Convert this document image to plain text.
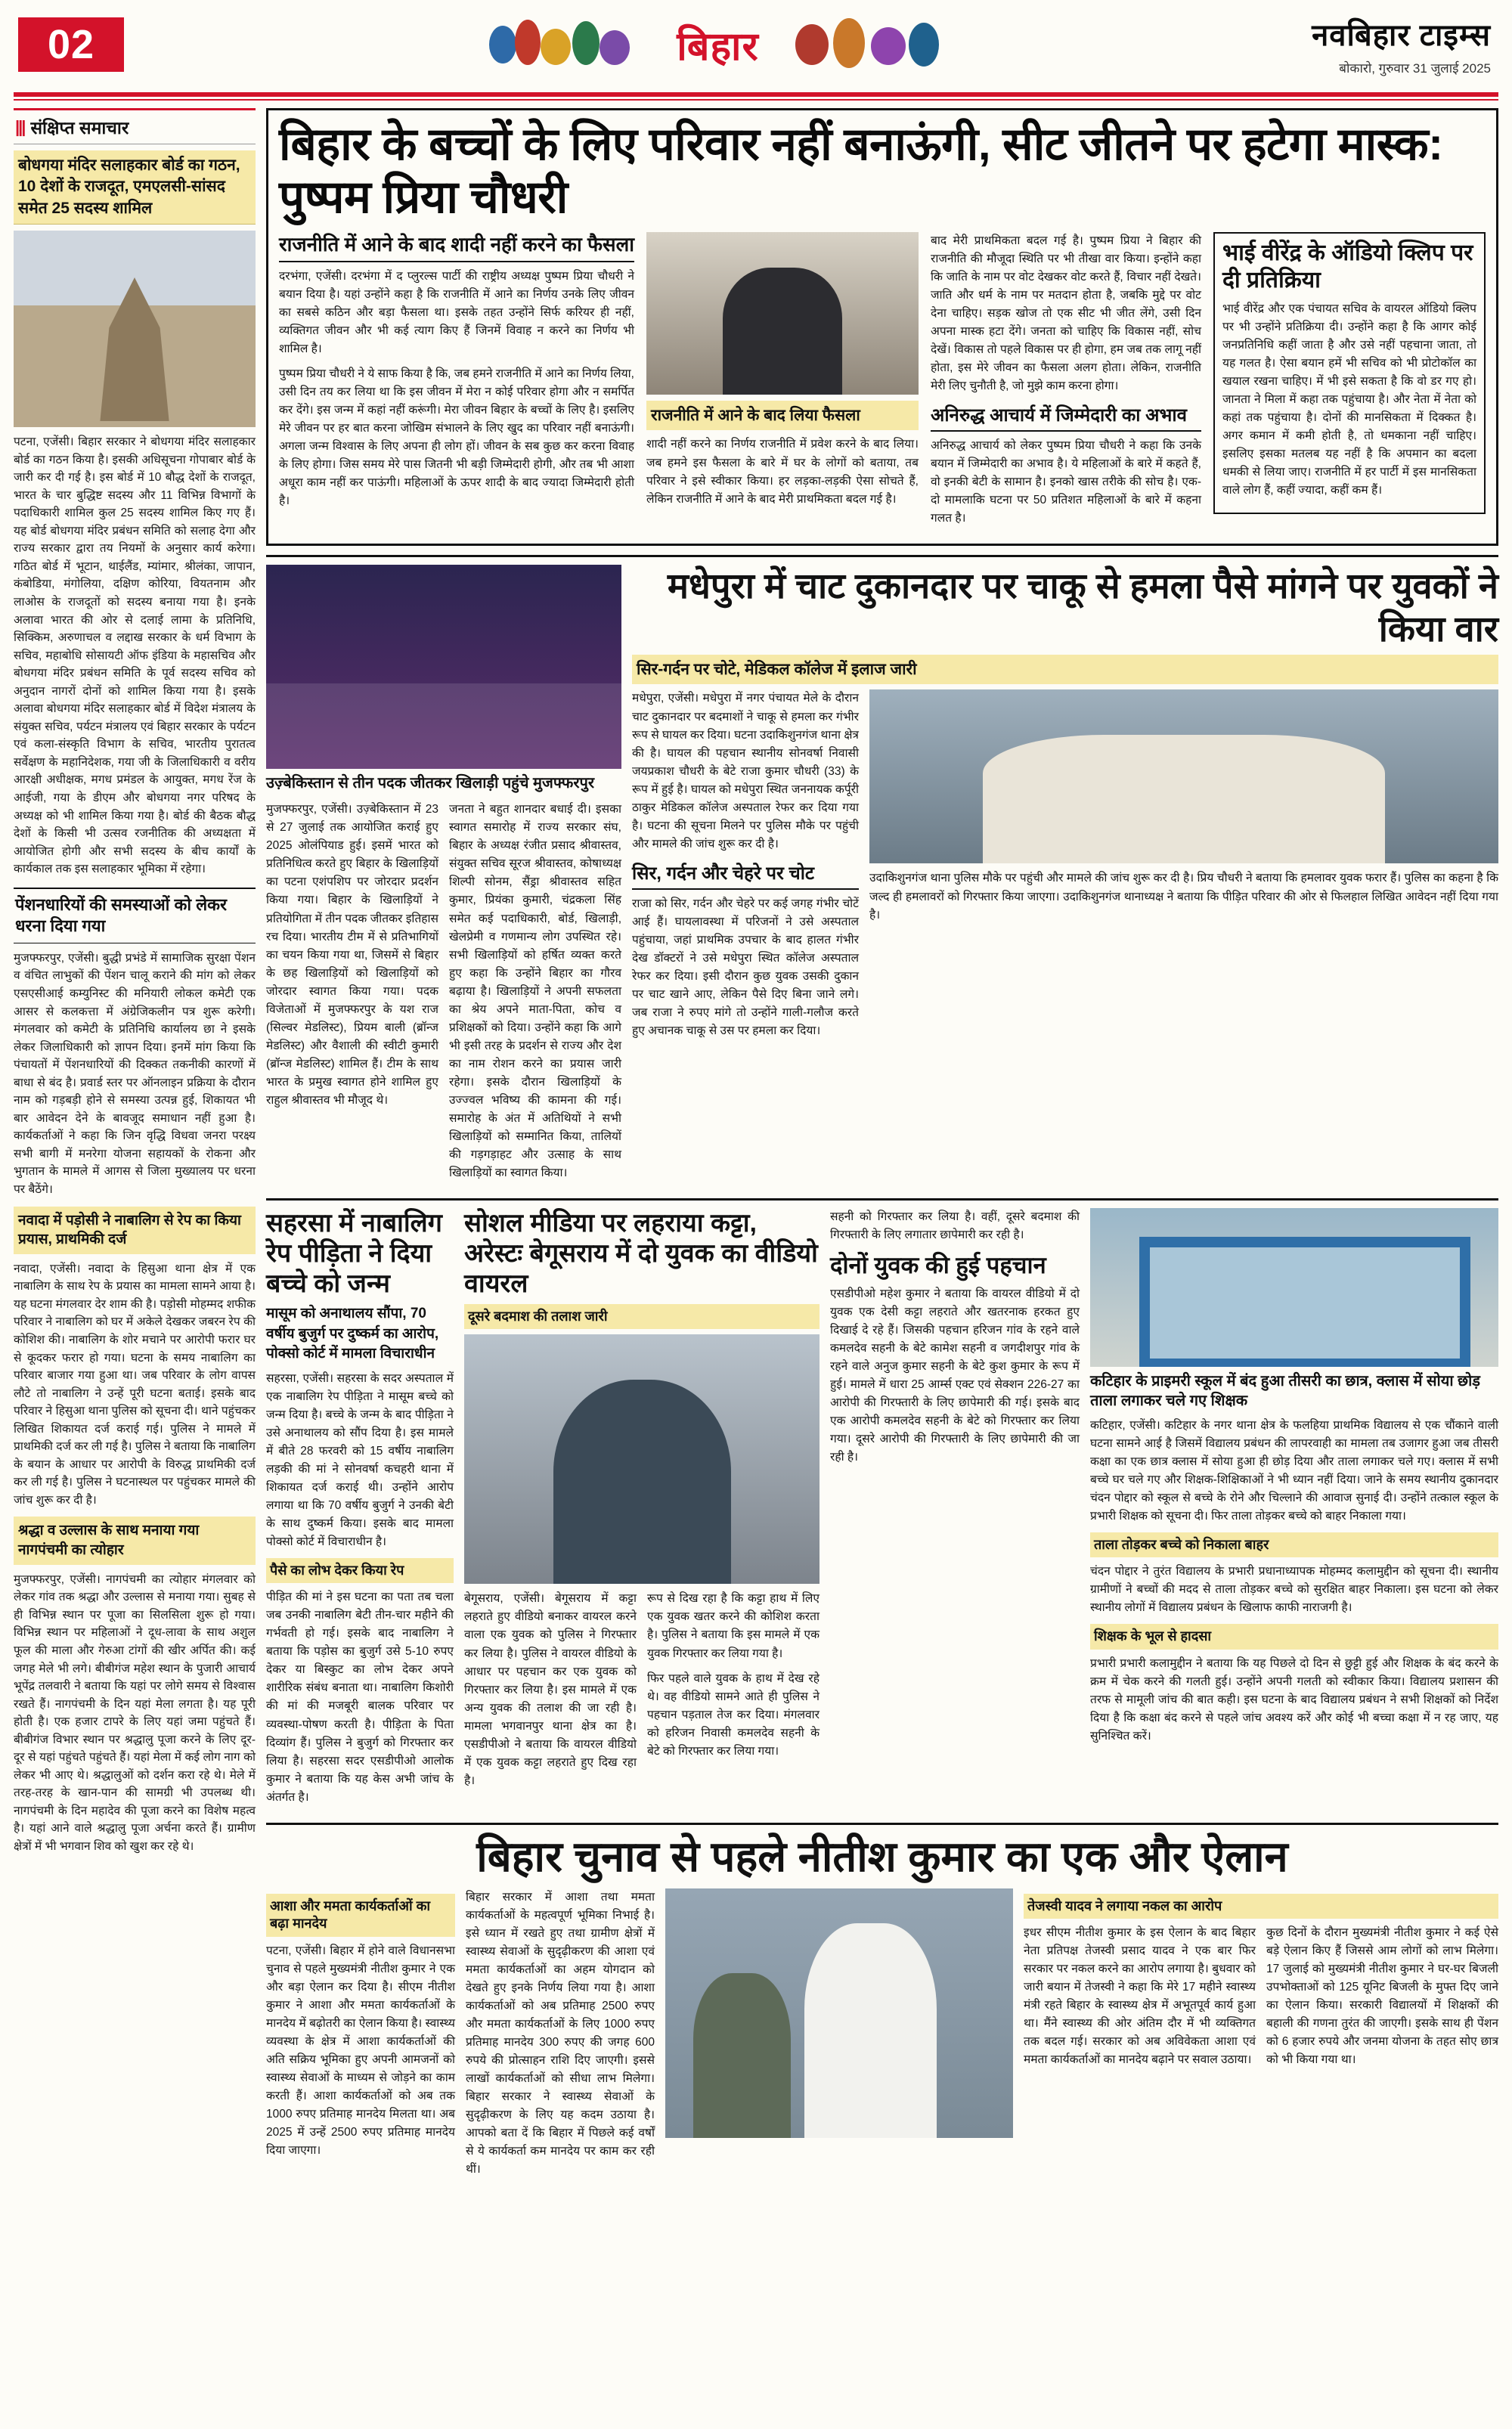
02	बिहार	नवबिहार टाइम्स
बोकारो, गुरुवार 31 जुलाई 2025
||| संक्षिप्त समाचार
बोधगया मंदिर सलाहकार बोर्ड का गठन, 10 देशों के राजदूत, एमएलसी-सांसद समेत 25 सदस्य शामिल

पटना, एजेंसी। बिहार सरकार ने बोधगया मंदिर सलाहकार बोर्ड का गठन किया है। इसकी अधिसूचना गोपाबार बोर्ड के जारी कर दी गई है। इस बोर्ड में 10 बौद्ध देशों के राजदूत, भारत के चार बुद्धिष्ट सदस्य और 11 विभिन्न विभागों के पदाधिकारी शामिल कुल 25 सदस्य शामिल किए गए हैं। यह बोर्ड बोधगया मंदिर प्रबंधन समिति को सलाह देगा और राज्य सरकार द्वारा तय नियमों के अनुसार कार्य करेगा। गठित बोर्ड में भूटान, थाईलैंड, म्यांमार, श्रीलंका, जापान, कंबोडिया, मंगोलिया, दक्षिण कोरिया, वियतनाम और लाओस के राजदूतों को सदस्य बनाया गया है। इनके अलावा भारत की ओर से दलाई लामा के प्रतिनिधि, सिक्किम, अरुणाचल व लद्दाख सरकार के धर्म विभाग के सचिव, महाबोधि सोसायटी ऑफ इंडिया के महासचिव और बोधगया मंदिर प्रबंधन समिति के पूर्व सदस्य सचिव को अनुदान नागरों दोनों को शामिल किया गया है। इसके अलावा बोधगया मंदिर सलाहकार बोर्ड में विदेश मंत्रालय के संयुक्त सचिव, पर्यटन मंत्रालय एवं बिहार सरकार के पर्यटन एवं कला-संस्कृति विभाग के सचिव, भारतीय पुरातत्व सर्वेक्षण के महानिदेशक, गया जी के जिलाधिकारी व वरीय आरक्षी अधीक्षक, मगध प्रमंडल के आयुक्त, मगध रेंज के आईजी, गया के डीएम और बोधगया नगर परिषद के अध्यक्ष को भी शामिल किया गया है। बोर्ड की बैठक बौद्ध देशों के किसी भी उत्सव रजनीतिक की अध्यक्षता में आयोजित होगी और सभी सदस्य के बीच कार्यों के कार्यकाल तक इस सलाहकार भूमिका में रहेगा।

पेंशनधारियों की समस्याओं को लेकर धरना दिया गया

मुजफ्फरपुर, एजेंसी। बुद्धी प्रभंडे में सामाजिक सुरक्षा पेंशन व वंचित लाभुकों की पेंशन चालू कराने की मांग को लेकर एसएसीआई कम्युनिस्ट की मनियारी लोकल कमेटी एक आसर से कलकत्ता में अंग्रेजिकलीन पत्र शुरू करेगी। मंगलवार को कमेटी के प्रतिनिधि कार्यालय छा ने इसके लेकर जिलाधिकारी को ज्ञापन दिया। इनमें मांग किया कि पंचायतों में पेंशनधारियों की दिक्कत तकनीकी कारणों में बाधा से बंद है। प्रवार्ड स्तर पर ऑनलाइन प्रक्रिया के दौरान नाम को गड़बड़ी होने से समस्या उत्पन्न हुई, शिकायत भी बार आवेदन देने के बावजूद समाधान नहीं हुआ है। कार्यकर्ताओं ने कहा कि जिन वृद्धि विधवा जनरा परक्ष्य सभी बागी में मनरेगा योजना सहायकों के रोकना और भुगतान के मामले में आगस से जिला मुख्यालय पर धरना पर बैठेंगे।

नवादा में पड़ोसी ने नाबालिग से रेप का किया प्रयास, प्राथमिकी दर्ज

नवादा, एजेंसी। नवादा के हिसुआ थाना क्षेत्र में एक नाबालिग के साथ रेप के प्रयास का मामला सामने आया है। यह घटना मंगलवार देर शाम की है। पड़ोसी मोहम्मद शफीक परिवार ने नाबालिग को घर में अकेले देखकर जबरन रेप की कोशिश की। नाबालिग के शोर मचाने पर आरोपी फरार घर से कूदकर फरार हो गया। घटना के समय नाबालिग का परिवार बाजार गया हुआ था। जब परिवार के लोग वापस लौटे तो नाबालिग ने उन्हें पूरी घटना बताई। इसके बाद परिवार ने हिसुआ थाना पुलिस को सूचना दी। थाने पहुंचकर लिखित शिकायत दर्ज कराई गई। पुलिस ने मामले में प्राथमिकी दर्ज कर ली गई है। पुलिस ने बताया कि नाबालिग के बयान के आधार पर आरोपी के विरुद्ध प्राथमिकी दर्ज कर ली गई है। पुलिस ने घटनास्थल पर पहुंचकर मामले की जांच शुरू कर दी है।

श्रद्धा व उल्लास के साथ मनाया गया नागपंचमी का त्योहार

मुजफ्फरपुर, एजेंसी। नागपंचमी का त्योहार मंगलवार को लेकर गांव तक श्रद्धा और उल्लास से मनाया गया। सुबह से ही विभिन्न स्थान पर पूजा का सिलसिला शुरू हो गया। विभिन्न स्थान पर महिलाओं ने दूध-लावा के साथ अशुल फूल की माला और गेरुआ टांगों की खीर अर्पित की। कई जगह मेले भी लगे। बीबीगंज महेश स्थान के पुजारी आचार्य भूपेंद्र तलवारी ने बताया कि यहां पर लोगे समय से विश्वास रखते हैं। नागपंचमी के दिन यहां मेला लगता है। यह पूरी होती है। एक हजार टापरे के लिए यहां जमा पहुंचते हैं। बीबीगंज विभार स्थान पर श्रद्धालु पूजा करने के लिए दूर-दूर से यहां पहुंचते पहुंचते हैं। यहां मेला में कई लोग नाग को लेकर भी आए थे। श्रद्धालुओं को दर्शन करा रहे थे। मेले में तरह-तरह के खान-पान की सामग्री भी उपलब्ध थी। नागपंचमी के दिन महादेव की पूजा करने का विशेष महत्व है। यहां आने वाले श्रद्धालु पूजा अर्चना करते हैं। ग्रामीण क्षेत्रों में भी भगवान शिव को खुश कर रहे थे।

बिहार के बच्चों के लिए परिवार नहीं बनाऊंगी, सीट जीतने पर हटेगा मास्क: पुष्पम प्रिया चौधरी
राजनीति में आने के बाद शादी नहीं करने का फैसला

दरभंगा, एजेंसी। दरभंगा में द प्लुरल्स पार्टी की राष्ट्रीय अध्यक्ष पुष्पम प्रिया चौधरी ने बयान दिया है। यहां उन्होंने कहा है कि राजनीति में आने का निर्णय उनके लिए जीवन का सबसे कठिन और बड़ा फैसला था। इसके तहत उन्होंने सिर्फ करियर ही नहीं, व्यक्तिगत जीवन और भी कई त्याग किए हैं जिनमें विवाह न करने का निर्णय भी शामिल है।

पुष्पम प्रिया चौधरी ने ये साफ किया है कि, जब हमने राजनीति में आने का निर्णय लिया, उसी दिन तय कर लिया था कि इस जीवन में मेरा न कोई परिवार होगा और न समर्पित कर देंगे। इस जन्म में कहां नहीं करूंगी। मेरा जीवन बिहार के बच्चों के लिए है। इसलिए मेरे जीवन पर हर बात करना जोखिम संभालने के लिए खुद का परिवार नहीं बनाऊंगी। अगला जन्म विश्वास के लिए अपना ही लोग हों। जीवन के सब कुछ कर करना विवाह के लिए होगा। जिस समय मेरे पास जितनी भी बड़ी जिम्मेदारी होगी, और तब भी आशा अधूरा काम नहीं कर पाऊंगी। महिलाओं के ऊपर शादी के बाद ज्यादा जिम्मेदारी होती है।

राजनीति में आने के बाद लिया फैसला

शादी नहीं करने का निर्णय राजनीति में प्रवेश करने के बाद लिया। जब हमने इस फैसला के बारे में घर के लोगों को बताया, तब परिवार ने इसे स्वीकार किया। हर लड़का-लड़की ऐसा सोचते हैं, लेकिन राजनीति में आने के बाद मेरी प्राथमिकता बदल गई है।

बाद मेरी प्राथमिकता बदल गई है। पुष्पम प्रिया ने बिहार की राजनीति की मौजूदा स्थिति पर भी तीखा वार किया। इन्होंने कहा कि जाति के नाम पर वोट देखकर वोट करते हैं, विचार नहीं देखते। जाति और धर्म के नाम पर मतदान होता है, जबकि मुद्दे पर वोट देना चाहिए। सड़क खोज तो एक सीट भी जीत लेंगे, उसी दिन अपना मास्क हटा देंगे। जनता को चाहिए कि विकास नहीं, सोच देखें। विकास तो पहले विकास पर ही होगा, हम जब तक लागू नहीं होता, इस मेरे जीवन का फैसला अलग होता। लेकिन, राजनीति मेरी लिए चुनौती है, जो मुझे काम करना होगा।

अनिरुद्ध आचार्य में जिम्मेदारी का अभाव

अनिरुद्ध आचार्य को लेकर पुष्पम प्रिया चौधरी ने कहा कि उनके बयान में जिम्मेदारी का अभाव है। ये महिलाओं के बारे में कहते हैं, वो इनकी बेटी के सामान है। इनको खास तरीके की सोच है। एक-दो मामलाकि घटना पर 50 प्रतिशत महिलाओं के बारे में कहना गलत है।

भाई वीरेंद्र के ऑडियो क्लिप पर दी प्रतिक्रिया

भाई वीरेंद्र और एक पंचायत सचिव के वायरल ऑडियो क्लिप पर भी उन्होंने प्रतिक्रिया दी। उन्होंने कहा है कि आगर कोई जनप्रतिनिधि कहीं जाता है और उसे नहीं पहचाना जाता, तो यह गलत है। ऐसा बयान हमें भी सचिव को भी प्रोटोकॉल का खयाल रखना चाहिए। में भी इसे सकता है कि वो डर गए हो। जानता ने मिला में कहा तक पहुंचाया है। और नेता में नेता को कहां तक पहुंचाया है। दोनों की मानसिकता में दिक्कत है। अगर कमान में कमी होती है, तो धमकाना नहीं चाहिए। इसलिए इसका मतलब यह नहीं है कि अपमान का बदला धमकी से लिया जाए। राजनीति में हर पार्टी में इस मानसिकता वाले लोग हैं, कहीं ज्यादा, कहीं कम हैं।

उज़्बेकिस्तान से तीन पदक जीतकर खिलाड़ी पहुंचे मुजफ्फरपुर

मुजफ्फरपुर, एजेंसी। उज़्बेकिस्तान में 23 से 27 जुलाई तक आयोजित कराई हुए 2025 ओलंपियाड हुई। इसमें भारत को प्रतिनिधित्व करते हुए बिहार के खिलाड़ियों का पटना एशंपशिप पर जोरदार प्रदर्शन किया गया। बिहार के खिलाड़ियों ने प्रतियोगिता में तीन पदक जीतकर इतिहास रच दिया। भारतीय टीम में से प्रतिभागियों का चयन किया गया था, जिसमें से बिहार के छह खिलाड़ियों को खिलाड़ियों को जोरदार स्वागत किया गया। पदक विजेताओं में मुजफ्फरपुर के यश राज (सिल्वर मेडलिस्ट), प्रियम बाली (ब्रॉन्ज मेडलिस्ट) और वैशाली की स्वीटी कुमारी (ब्रॉन्ज मेडलिस्ट) शामिल हैं। टीम के साथ भारत के प्रमुख स्वागत होने शामिल हुए राहुल श्रीवास्तव भी मौजूद थे।

जनता ने बहुत शानदार बधाई दी। इसका स्वागत समारोह में राज्य सरकार संघ, बिहार के अध्यक्ष रंजीत प्रसाद श्रीवास्तव, संयुक्त सचिव सूरज श्रीवास्तव, कोषाध्यक्ष शिल्पी सोनम, सैंड्रा श्रीवास्तव सहित कुमार, प्रियंका कुमारी, चंद्रकला सिंह समेत कई पदाधिकारी, बोर्ड, खिलाड़ी, खेलप्रेमी व गणमान्य लोग उपस्थित रहे। सभी खिलाड़ियों को हर्षित व्यक्त करते हुए कहा कि उन्होंने बिहार का गौरव बढ़ाया है। खिलाड़ियों ने अपनी सफलता का श्रेय अपने माता-पिता, कोच व प्रशिक्षकों को दिया। उन्होंने कहा कि आगे भी इसी तरह के प्रदर्शन से राज्य और देश का नाम रोशन करने का प्रयास जारी रहेगा। इसके दौरान खिलाड़ियों के उज्ज्वल भविष्य की कामना की गई। समारोह के अंत में अतिथियों ने सभी खिलाड़ियों को सम्मानित किया, तालियों की गड़गड़ाहट और उत्साह के साथ खिलाड़ियों का स्वागत किया।

मधेपुरा में चाट दुकानदार पर चाकू से हमला पैसे मांगने पर युवकों ने किया वार
सिर-गर्दन पर चोटे, मेडिकल कॉलेज में इलाज जारी

मधेपुरा, एजेंसी। मधेपुरा में नगर पंचायत मेले के दौरान चाट दुकानदार पर बदमाशों ने चाकू से हमला कर गंभीर रूप से घायल कर दिया। घटना उदाकिशुनगंज थाना क्षेत्र की है। घायल की पहचान स्थानीय सोनवर्षा निवासी जयप्रकाश चौधरी के बेटे राजा कुमार चौधरी (33) के रूप में हुई है। घायल को मधेपुरा स्थित जननायक कर्पूरी ठाकुर मेडिकल कॉलेज अस्पताल रेफर कर दिया गया है। घटना की सूचना मिलने पर पुलिस मौके पर पहुंची और मामले की जांच शुरू कर दी है।

सिर, गर्दन और चेहरे पर चोट

राजा को सिर, गर्दन और चेहरे पर कई जगह गंभीर चोटें आई हैं। घायलावस्था में परिजनों ने उसे अस्पताल पहुंचाया, जहां प्राथमिक उपचार के बाद हालत गंभीर देख डॉक्टरों ने उसे मधेपुरा स्थित कॉलेज अस्पताल रेफर कर दिया। इसी दौरान कुछ युवक उसकी दुकान पर चाट खाने आए, लेकिन पैसे दिए बिना जाने लगे। जब राजा ने रुपए मांगे तो उन्होंने गाली-गलौज करते हुए अचानक चाकू से उस पर हमला कर दिया।

उदाकिशुनगंज थाना पुलिस मौके पर पहुंची और मामले की जांच शुरू कर दी है। प्रिय चौधरी ने बताया कि हमलावर युवक फरार हैं। पुलिस का कहना है कि जल्द ही हमलावरों को गिरफ्तार किया जाएगा। उदाकिशुनगंज थानाध्यक्ष ने बताया कि पीड़ित परिवार की ओर से फिलहाल लिखित आवेदन नहीं दिया गया है।

सहरसा में नाबालिग रेप पीड़िता ने दिया बच्चे को जन्म
मासूम को अनाथालय सौंपा, 70 वर्षीय बुजुर्ग पर दुष्कर्म का आरोप, पोक्सो कोर्ट में मामला विचाराधीन

सहरसा, एजेंसी। सहरसा के सदर अस्पताल में एक नाबालिग रेप पीड़िता ने मासूम बच्चे को जन्म दिया है। बच्चे के जन्म के बाद पीड़िता ने उसे अनाथालय को सौंप दिया है। इस मामले में बीते 28 फरवरी को 15 वर्षीय नाबालिग लड़की की मां ने सोनवर्षा कचहरी थाना में शिकायत दर्ज कराई थी। उन्होंने आरोप लगाया था कि 70 वर्षीय बुजुर्ग ने उनकी बेटी के साथ दुष्कर्म किया। इसके बाद मामला पोक्सो कोर्ट में विचाराधीन है।

पैसे का लोभ देकर किया रेप

पीड़ित की मां ने इस घटना का पता तब चला जब उनकी नाबालिग बेटी तीन-चार महीने की गर्भवती हो गई। इसके बाद नाबालिग ने बताया कि पड़ोस का बुजुर्ग उसे 5-10 रुपए देकर या बिस्कुट का लोभ देकर अपने शारीरिक संबंध बनाता था। नाबालिग किशोरी की मां की मजबूरी बालक परिवार पर व्यवस्था-पोषण करती है। पीड़िता के पिता दिव्यांग हैं। पुलिस ने बुजुर्ग को गिरफ्तार कर लिया है। सहरसा सदर एसडीपीओ आलोक कुमार ने बताया कि यह केस अभी जांच के अंतर्गत है।

सोशल मीडिया पर लहराया कट्टा, अरेस्टः बेगूसराय में दो युवक का वीडियो वायरल
दूसरे बदमाश की तलाश जारी

बेगूसराय, एजेंसी। बेगूसराय में कट्टा लहराते हुए वीडियो बनाकर वायरल करने वाला एक युवक को पुलिस ने गिरफ्तार कर लिया है। पुलिस ने वायरल वीडियो के आधार पर पहचान कर एक युवक को गिरफ्तार कर लिया है। इस मामले में एक अन्य युवक की तलाश की जा रही है। मामला भगवानपुर थाना क्षेत्र का है। एसडीपीओ ने बताया कि वायरल वीडियो में एक युवक कट्टा लहराते हुए दिख रहा है।

रूप से दिख रहा है कि कट्टा हाथ में लिए एक युवक खतर करने की कोशिश करता है। पुलिस ने बताया कि इस मामले में एक युवक गिरफ्तार कर लिया गया है।

फिर पहले वाले युवक के हाथ में देख रहे थे। वह वीडियो सामने आते ही पुलिस ने पहचान पड़ताल तेज कर दिया। मंगलवार को हरिजन निवासी कमलदेव सहनी के बेटे को गिरफ्तार कर लिया गया।

सहनी को गिरफ्तार कर लिया है। वहीं, दूसरे बदमाश की गिरफ्तारी के लिए लगातार छापेमारी कर रही है।

दोनों युवक की हुई पहचान

एसडीपीओ महेश कुमार ने बताया कि वायरल वीडियो में दो युवक एक देसी कट्टा लहराते और खतरनाक हरकत हुए दिखाई दे रहे हैं। जिसकी पहचान हरिजन गांव के रहने वाले कमलदेव सहनी के बेटे कामेश सहनी व जगदीशपुर गांव के रहने वाले अनुज कुमार सहनी के बेटे कुश कुमार के रूप में हुई। मामले में धारा 25 आर्म्स एक्ट एवं सेक्शन 226-27 का आरोपी की गिरफ्तारी के लिए छापेमारी की गई। इसके बाद एक आरोपी कमलदेव सहनी के बेटे को गिरफ्तार कर लिया गया। दूसरे आरोपी की गिरफ्तारी के लिए छापेमारी की जा रही है।

कटिहार के प्राइमरी स्कूल में बंद हुआ तीसरी का छात्र, क्लास में सोया छोड़ ताला लगाकर चले गए शिक्षक

कटिहार, एजेंसी। कटिहार के नगर थाना क्षेत्र के फलहिया प्राथमिक विद्यालय से एक चौंकाने वाली घटना सामने आई है जिसमें विद्यालय प्रबंधन की लापरवाही का मामला तब उजागर हुआ जब तीसरी कक्षा का एक छात्र क्लास में सोया हुआ ही छोड़ दिया और ताला लगाकर चले गए। क्लास में सभी बच्चे घर चले गए और शिक्षक-शिक्षिकाओं ने भी ध्यान नहीं दिया। जाने के समय स्थानीय दुकानदार चंदन पोद्दार को स्कूल से बच्चे के रोने और चिल्लाने की आवाज सुनाई दी। उन्होंने तत्काल स्कूल के प्रभारी शिक्षक को सूचना दी। फिर ताला तोड़कर बच्चे को बाहर निकाला गया।

ताला तोड़कर बच्चे को निकाला बाहर

चंदन पोद्दार ने तुरंत विद्यालय के प्रभारी प्रधानाध्यापक मोहम्मद कलामुद्दीन को सूचना दी। स्थानीय ग्रामीणों ने बच्चों की मदद से ताला तोड़कर बच्चे को सुरक्षित बाहर निकाला। इस घटना को लेकर स्थानीय लोगों में विद्यालय प्रबंधन के खिलाफ काफी नाराजगी है।

शिक्षक के भूल से हादसा

प्रभारी प्रभारी कलामुद्दीन ने बताया कि यह पिछले दो दिन से छुट्टी हुई और शिक्षक के बंद करने के क्रम में चेक करने की गलती हुई। उन्होंने अपनी गलती को स्वीकार किया। विद्यालय प्रशासन की तरफ से मामूली जांच की बात कही। इस घटना के बाद विद्यालय प्रबंधन ने सभी शिक्षकों को निर्देश दिया है कि कक्षा बंद करने से पहले जांच अवश्य करें और कोई भी बच्चा कक्षा में न रह जाए, यह सुनिश्चित करें।

बिहार चुनाव से पहले नीतीश कुमार का एक और ऐलान
आशा और ममता कार्यकर्ताओं का बढ़ा मानदेय

पटना, एजेंसी। बिहार में होने वाले विधानसभा चुनाव से पहले मुख्यमंत्री नीतीश कुमार ने एक और बड़ा ऐलान कर दिया है। सीएम नीतीश कुमार ने आशा और ममता कार्यकर्ताओं के मानदेय में बढ़ोतरी का ऐलान किया है। स्वास्थ्य व्यवस्था के क्षेत्र में आशा कार्यकर्ताओं की अति सक्रिय भूमिका हुए अपनी आमजनों को स्वास्थ्य सेवाओं के माध्यम से जोड़ने का काम करती हैं। आशा कार्यकर्ताओं को अब तक 1000 रुपए प्रतिमाह मानदेय मिलता था। अब 2025 में उन्हें 2500 रुपए प्रतिमाह मानदेय दिया जाएगा।

बिहार सरकार में आशा तथा ममता कार्यकर्ताओं के महत्वपूर्ण भूमिका निभाई है। इसे ध्यान में रखते हुए तथा ग्रामीण क्षेत्रों में स्वास्थ्य सेवाओं के सुदृढ़ीकरण की आशा एवं ममता कार्यकर्ताओं का अहम योगदान को देखते हुए इनके निर्णय लिया गया है। आशा कार्यकर्ताओं को अब प्रतिमाह 2500 रुपए और ममता कार्यकर्ताओं के लिए 1000 रुपए प्रतिमाह मानदेय 300 रुपए की जगह 600 रुपये की प्रोत्साहन राशि दिए जाएगी। इससे लाखों कार्यकर्ताओं को सीधा लाभ मिलेगा। बिहार सरकार ने स्वास्थ्य सेवाओं के सुदृढ़ीकरण के लिए यह कदम उठाया है। आपको बता दें कि बिहार में पिछले कई वर्षों से ये कार्यकर्ता कम मानदेय पर काम कर रही थीं।

तेजस्वी यादव ने लगाया नकल का आरोप

इधर सीएम नीतीश कुमार के इस ऐलान के बाद बिहार नेता प्रतिपक्ष तेजस्वी प्रसाद यादव ने एक बार फिर सरकार पर नकल करने का आरोप लगाया है। बुधवार को जारी बयान में तेजस्वी ने कहा कि मेरे 17 महीने स्वास्थ्य मंत्री रहते बिहार के स्वास्थ्य क्षेत्र में अभूतपूर्व कार्य हुआ था। मैंने स्वास्थ्य की ओर अंतिम दौर में भी व्यक्तिगत तक बदल गई। सरकार को अब अविवेकता आशा एवं ममता कार्यकर्ताओं का मानदेय बढ़ाने पर सवाल उठाया।

कुछ दिनों के दौरान मुख्यमंत्री नीतीश कुमार ने कई ऐसे बड़े ऐलान किए हैं जिससे आम लोगों को लाभ मिलेगा। 17 जुलाई को मुख्यमंत्री नीतीश कुमार ने घर-घर बिजली उपभोक्ताओं को 125 यूनिट बिजली के मुफ्त दिए जाने का ऐलान किया। सरकारी विद्यालयों में शिक्षकों की बहाली की गणना तुरंत की जाएगी। इसके साथ ही पेंशन को 6 हजार रुपये और जनमा योजना के तहत सोए छात्र को भी किया गया था।
